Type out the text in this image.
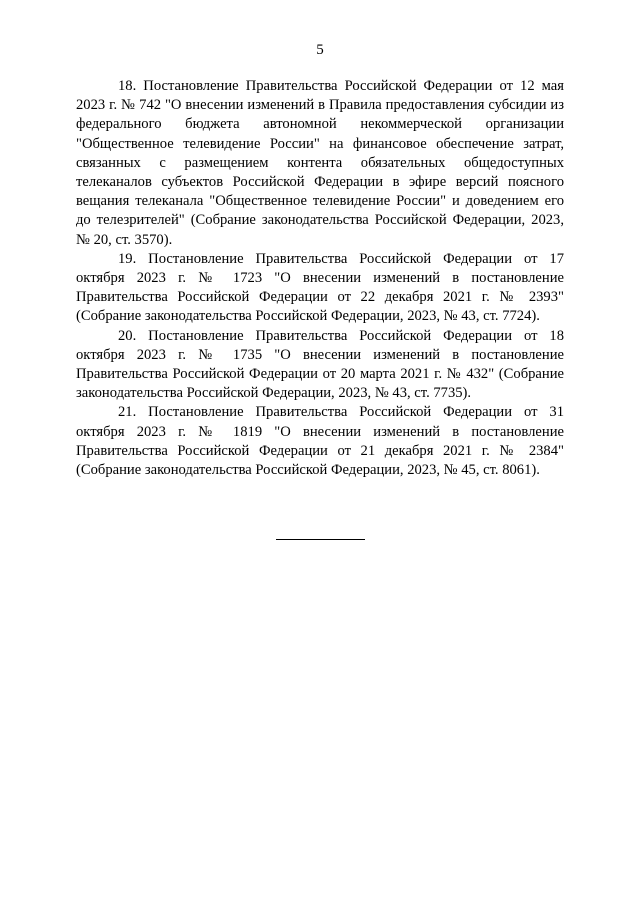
5

18. Постановление Правительства Российской Федерации от 12 мая 2023 г. № 742 "О внесении изменений в Правила предоставления субсидии из федерального бюджета автономной некоммерческой организации "Общественное телевидение России" на финансовое обеспечение затрат, связанных с размещением контента обязательных общедоступных телеканалов субъектов Российской Федерации в эфире версий поясного вещания телеканала "Общественное телевидение России" и доведением его до телезрителей" (Собрание законодательства Российской Федерации, 2023, № 20, ст. 3570).

19. Постановление Правительства Российской Федерации от 17 октября 2023 г. № 1723 "О внесении изменений в постановление Правительства Российской Федерации от 22 декабря 2021 г. № 2393" (Собрание законодательства Российской Федерации, 2023, № 43, ст. 7724).

20. Постановление Правительства Российской Федерации от 18 октября 2023 г. № 1735 "О внесении изменений в постановление Правительства Российской Федерации от 20 марта 2021 г. № 432" (Собрание законодательства Российской Федерации, 2023, № 43, ст. 7735).

21. Постановление Правительства Российской Федерации от 31 октября 2023 г. № 1819 "О внесении изменений в постановление Правительства Российской Федерации от 21 декабря 2021 г. № 2384" (Собрание законодательства Российской Федерации, 2023, № 45, ст. 8061).
